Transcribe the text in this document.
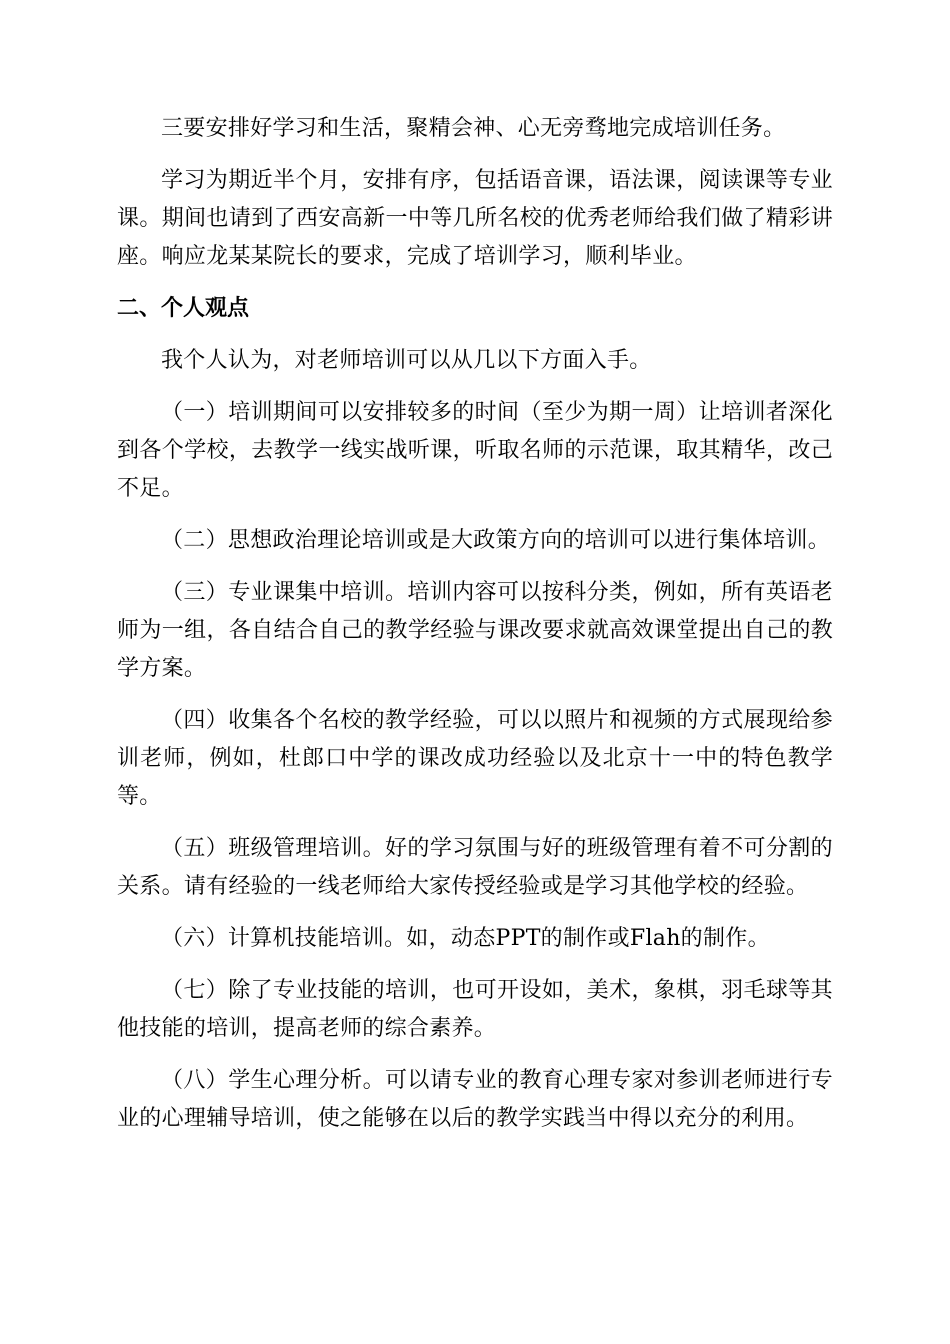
三要安排好学习和生活，聚精会神、心无旁骛地完成培训任务。

学习为期近半个月，安排有序，包括语音课，语法课，阅读课等专业课。期间也请到了西安高新一中等几所名校的优秀老师给我们做了精彩讲座。响应龙某某院长的要求，完成了培训学习，顺利毕业。

二、个人观点

我个人认为，对老师培训可以从几以下方面入手。

（一）培训期间可以安排较多的时间（至少为期一周）让培训者深化到各个学校，去教学一线实战听课，听取名师的示范课，取其精华，改己不足。

（二）思想政治理论培训或是大政策方向的培训可以进行集体培训。

（三）专业课集中培训。培训内容可以按科分类，例如，所有英语老师为一组，各自结合自己的教学经验与课改要求就高效课堂提出自己的教学方案。

（四）收集各个名校的教学经验，可以以照片和视频的方式展现给参训老师，例如，杜郎口中学的课改成功经验以及北京十一中的特色教学等。

（五）班级管理培训。好的学习氛围与好的班级管理有着不可分割的关系。请有经验的一线老师给大家传授经验或是学习其他学校的经验。

（六）计算机技能培训。如，动态PPT的制作或Flah的制作。

（七）除了专业技能的培训，也可开设如，美术，象棋，羽毛球等其他技能的培训，提高老师的综合素养。

（八）学生心理分析。可以请专业的教育心理专家对参训老师进行专业的心理辅导培训，使之能够在以后的教学实践当中得以充分的利用。
